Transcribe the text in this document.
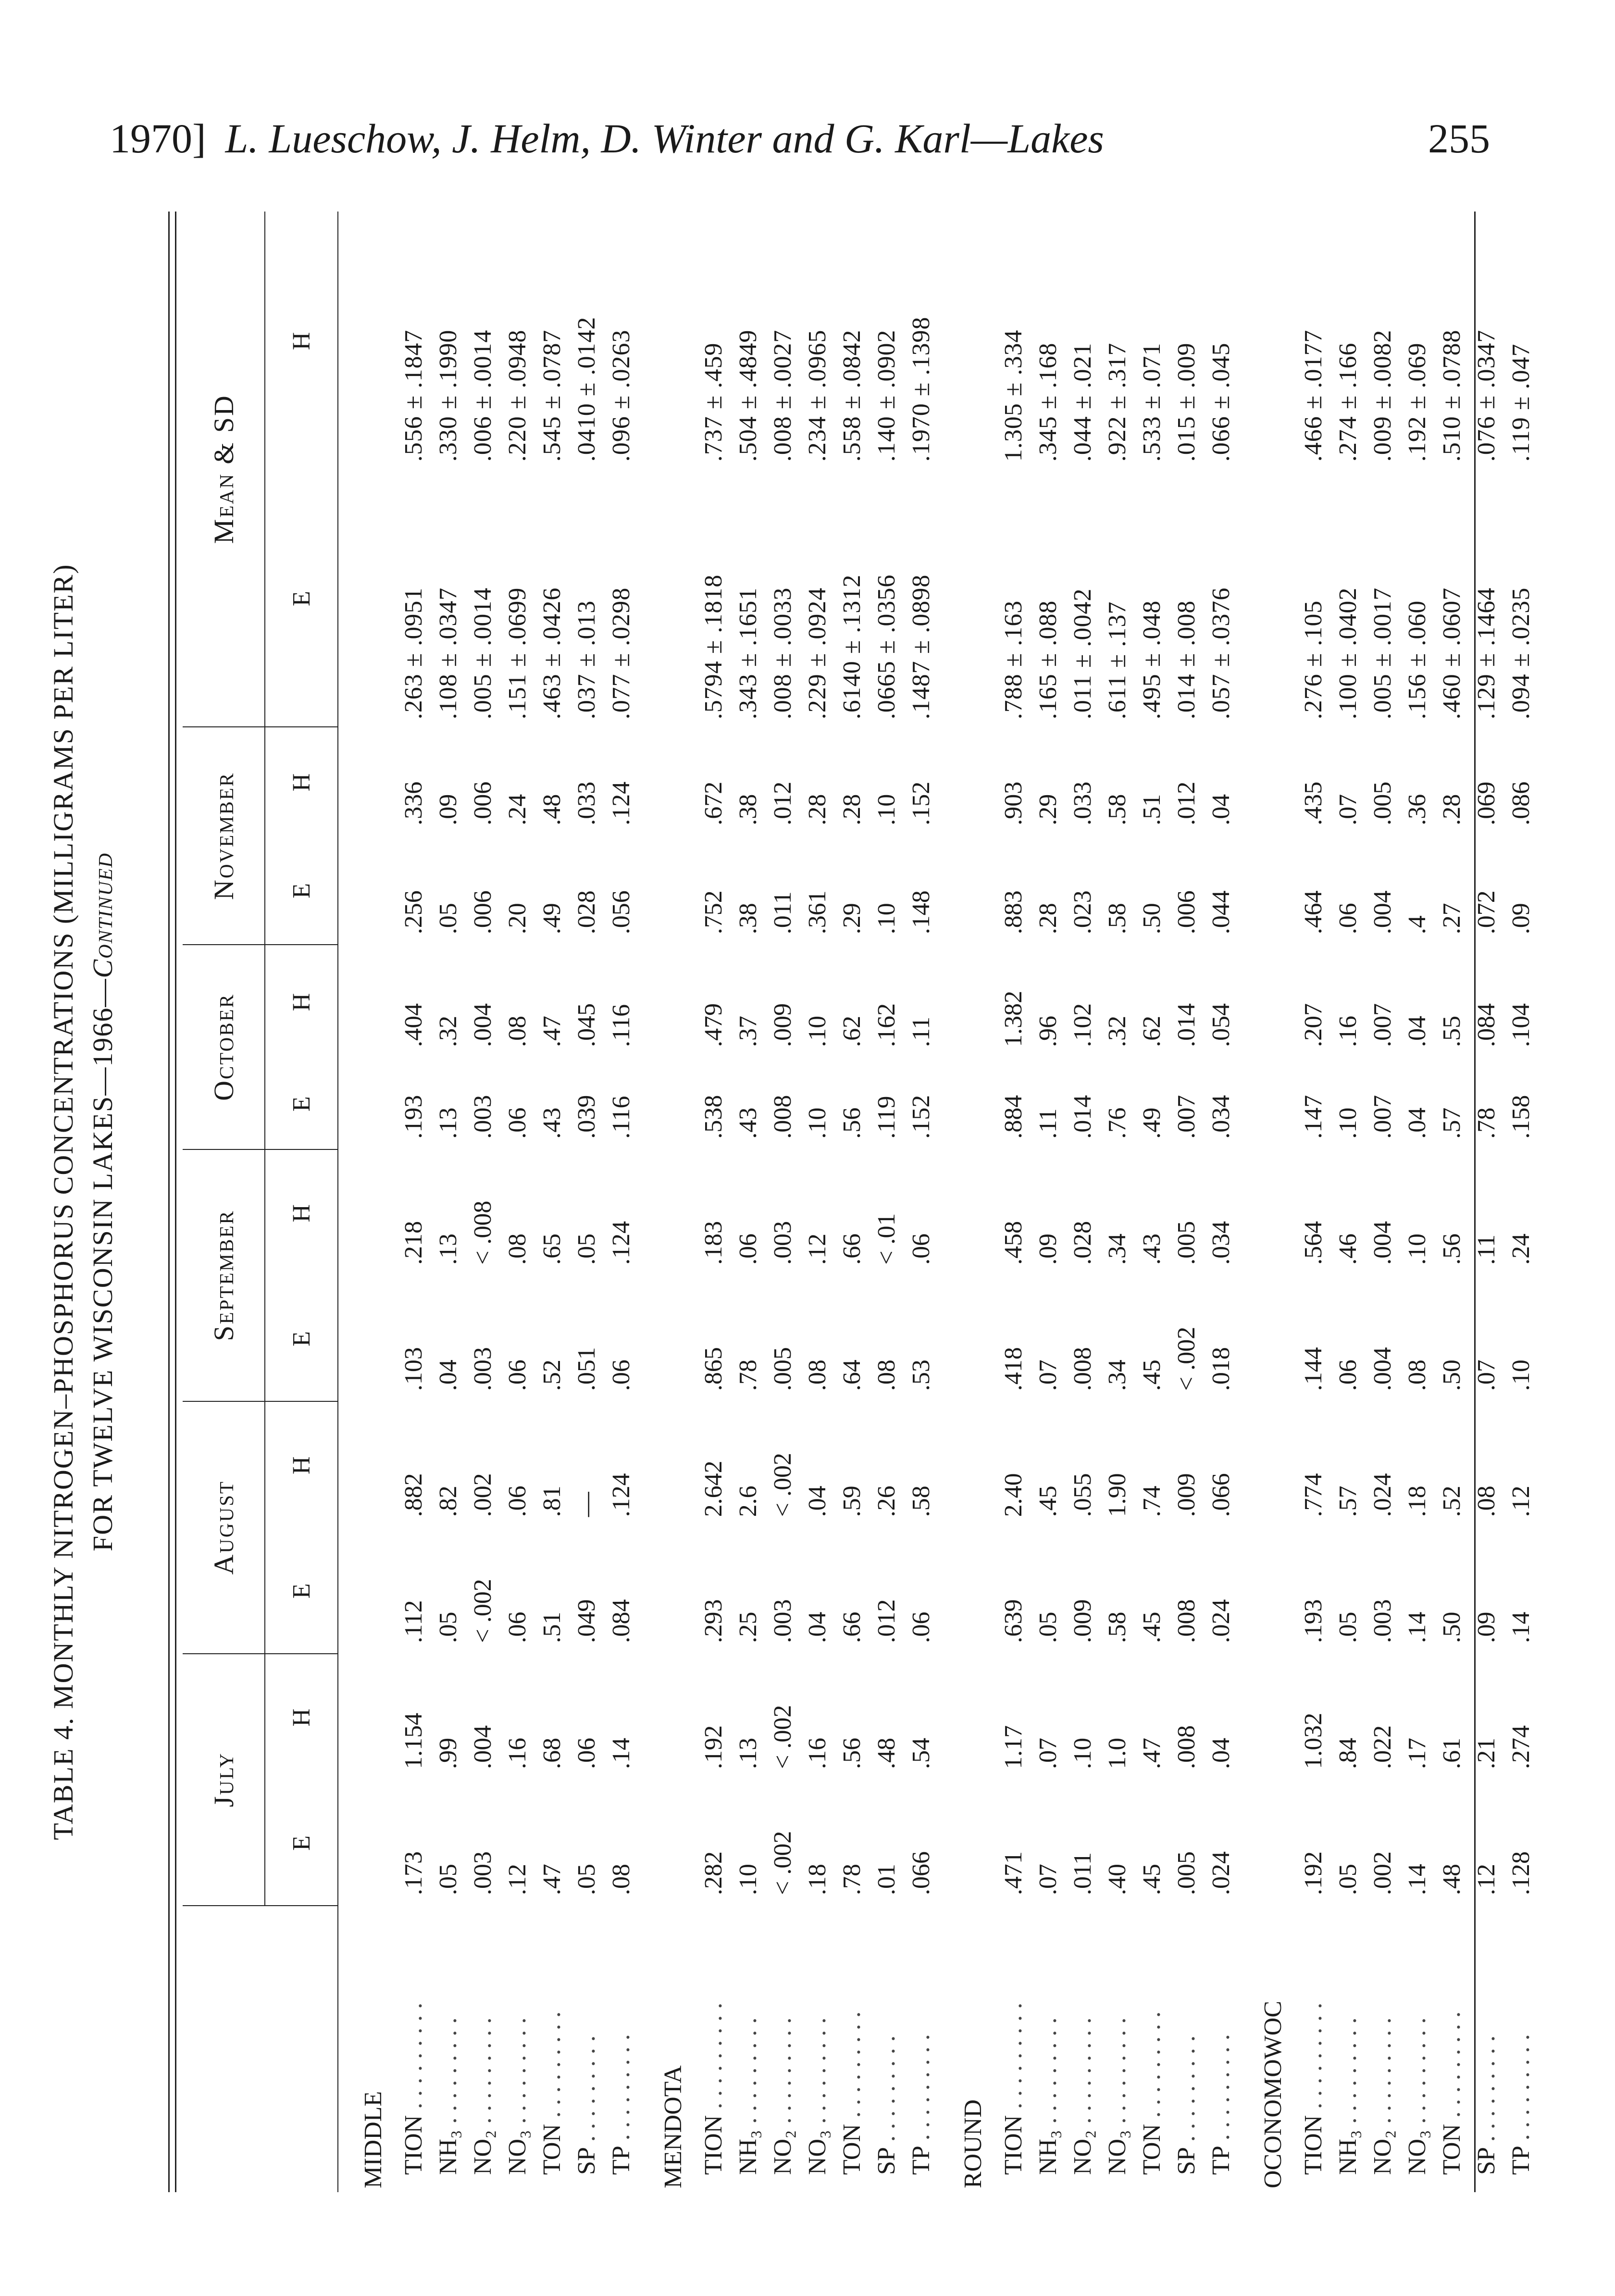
1970] L. Lueschow, J. Helm, D. Winter and G. Karl—Lakes	255
TABLE 4. MONTHLY NITROGEN–PHOSPHORUS CONCENTRATIONS (MILLIGRAMS PER LITER) FOR TWELVE WISCONSIN LAKES—1966—Continued
	July		August		September		October		November		Mean & SD	
	E	H	E	H	E	H	E	H	E	H	E	H
MIDDLE												
TION . . . . . . . . .	.173	1.154	.112	.882	.103	.218	.193	.404	.256	.336	.263 ± .0951	.556 ± .1847
NH₃ . . . . . . . . .	.05	.99	.05	.82	.04	.13	.13	.32	.05	.09	.108 ± .0347	.330 ± .1990
NO₂ . . . . . . . . .	.003	.004	< .002	.002	.003	< .008	.003	.004	.006	.006	.005 ± .0014	.006 ± .0014
NO₃ . . . . . . . . .	.12	.16	.06	.06	.06	.08	.06	.08	.20	.24	.151 ± .0699	.220 ± .0948
TON . . . . . . . . .	.47	.68	.51	.81	.52	.65	.43	.47	.49	.48	.463 ± .0426	.545 ± .0787
SP . . . . . . . . .	.05	.06	.049	—	.051	.05	.039	.045	.028	.033	.037 ± .013	.0410 ± .0142
TP . . . . . . . . .	.08	.14	.084	.124	.06	.124	.116	.116	.056	.124	.077 ± .0298	.096 ± .0263
MENDOTA												
TION . . . . . . . . .	.282	.192	.293	2.642	.865	.183	.538	.479	.752	.672	.5794 ± .1818	.737 ± .459
NH₃ . . . . . . . . .	.10	.13	.25	2.6	.78	.06	.43	.37	.38	.38	.343 ± .1651	.504 ± .4849
NO₂ . . . . . . . . .	< .002	< .002	.003	< .002	.005	.003	.008	.009	.011	.012	.008 ± .0033	.008 ± .0027
NO₃ . . . . . . . . .	.18	.16	.04	.04	.08	.12	.10	.10	.361	.28	.229 ± .0924	.234 ± .0965
TON . . . . . . . . .	.78	.56	.66	.59	.64	.66	.56	.62	.29	.28	.6140 ± .1312	.558 ± .0842
SP . . . . . . . . .	.01	.48	.012	.26	.08	< .01	.119	.162	.10	.10	.0665 ± .0356	.140 ± .0902
TP . . . . . . . . .	.066	.54	.06	.58	.53	.06	.152	.11	.148	.152	.1487 ± .0898	.1970 ± .1398
ROUND												
TION . . . . . . . . .	.471	1.17	.639	2.40	.418	.458	.884	1.382	.883	.903	.788 ± .163	1.305 ± .334
NH₃ . . . . . . . . .	.07	.07	.05	.45	.07	.09	.11	.96	.28	.29	.165 ± .088	.345 ± .168
NO₂ . . . . . . . . .	.011	.10	.009	.055	.008	.028	.014	.102	.023	.033	.011 ± .0042	.044 ± .021
NO₃ . . . . . . . . .	.40	1.0	.58	1.90	.34	.34	.76	.32	.58	.58	.611 ± .137	.922 ± .317
TON . . . . . . . . .	.45	.47	.45	.74	.45	.43	.49	.62	.50	.51	.495 ± .048	.533 ± .071
SP . . . . . . . . .	.005	.008	.008	.009	< .002	.005	.007	.014	.006	.012	.014 ± .008	.015 ± .009
TP . . . . . . . . .	.024	.04	.024	.066	.018	.034	.034	.054	.044	.04	.057 ± .0376	.066 ± .045
OCONOMOWOC												
TION . . . . . . . . .	.192	1.032	.193	.774	.144	.564	.147	.207	.464	.435	.276 ± .105	.466 ± .0177
NH₃ . . . . . . . . .	.05	.84	.05	.57	.06	.46	.10	.16	.06	.07	.100 ± .0402	.274 ± .166
NO₂ . . . . . . . . .	.002	.022	.003	.024	.004	.004	.007	.007	.004	.005	.005 ± .0017	.009 ± .0082
NO₃ . . . . . . . . .	.14	.17	.14	.18	.08	.10	.04	.04	.4	.36	.156 ± .060	.192 ± .069
TON . . . . . . . . .	.48	.61	.50	.52	.50	.56	.57	.55	.27	.28	.460 ± .0607	.510 ± .0788
SP . . . . . . . . .	.12	.21	.09	.08	.07	.11	.78	.084	.072	.069	.129 ± .1464	.076 ± .0347
TP . . . . . . . . .	.128	.274	.14	.12	.10	.24	.158	.104	.09	.086	.094 ± .0235	.119 ± .047
